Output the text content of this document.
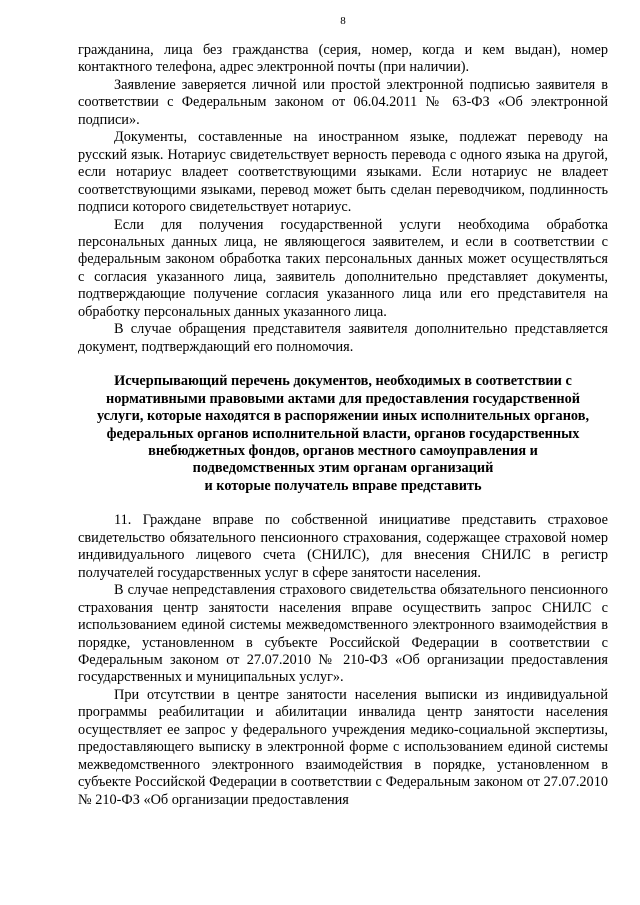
8

гражданина, лица без гражданства (серия, номер, когда и кем выдан), номер контактного телефона, адрес электронной почты (при наличии).

Заявление заверяется личной или простой электронной подписью заявителя в соответствии с Федеральным законом от 06.04.2011 № 63-ФЗ «Об электронной подписи».

Документы, составленные на иностранном языке, подлежат переводу на русский язык. Нотариус свидетельствует верность перевода с одного языка на другой, если нотариус владеет соответствующими языками. Если нотариус не владеет соответствующими языками, перевод может быть сделан переводчиком, подлинность подписи которого свидетельствует нотариус.

Если для получения государственной услуги необходима обработка персональных данных лица, не являющегося заявителем, и если в соответствии с федеральным законом обработка таких персональных данных может осуществляться с согласия указанного лица, заявитель дополнительно представляет документы, подтверждающие получение согласия указанного лица или его представителя на обработку персональных данных указанного лица.

В случае обращения представителя заявителя дополнительно представляется документ, подтверждающий его полномочия.

Исчерпывающий перечень документов, необходимых в соответствии с
нормативными правовыми актами для предоставления государственной
услуги, которые находятся в распоряжении иных исполнительных органов,
федеральных органов исполнительной власти, органов государственных
внебюджетных фондов, органов местного самоуправления и
подведомственных этим органам организаций
и которые получатель вправе представить

11. Граждане вправе по собственной инициативе представить страховое свидетельство обязательного пенсионного страхования, содержащее страховой номер индивидуального лицевого счета (СНИЛС), для внесения СНИЛС в регистр получателей государственных услуг в сфере занятости населения.

В случае непредставления страхового свидетельства обязательного пенсионного страхования центр занятости населения вправе осуществить запрос СНИЛС с использованием единой системы межведомственного электронного взаимодействия в порядке, установленном в субъекте Российской Федерации в соответствии с Федеральным законом от 27.07.2010 № 210-ФЗ «Об организации предоставления государственных и муниципальных услуг».

При отсутствии в центре занятости населения выписки из индивидуальной программы реабилитации и абилитации инвалида центр занятости населения осуществляет ее запрос у федерального учреждения медико-социальной экспертизы, предоставляющего выписку в электронной форме с использованием единой системы межведомственного электронного взаимодействия в порядке, установленном в субъекте Российской Федерации в соответствии с Федеральным законом от 27.07.2010 № 210-ФЗ «Об организации предоставления
